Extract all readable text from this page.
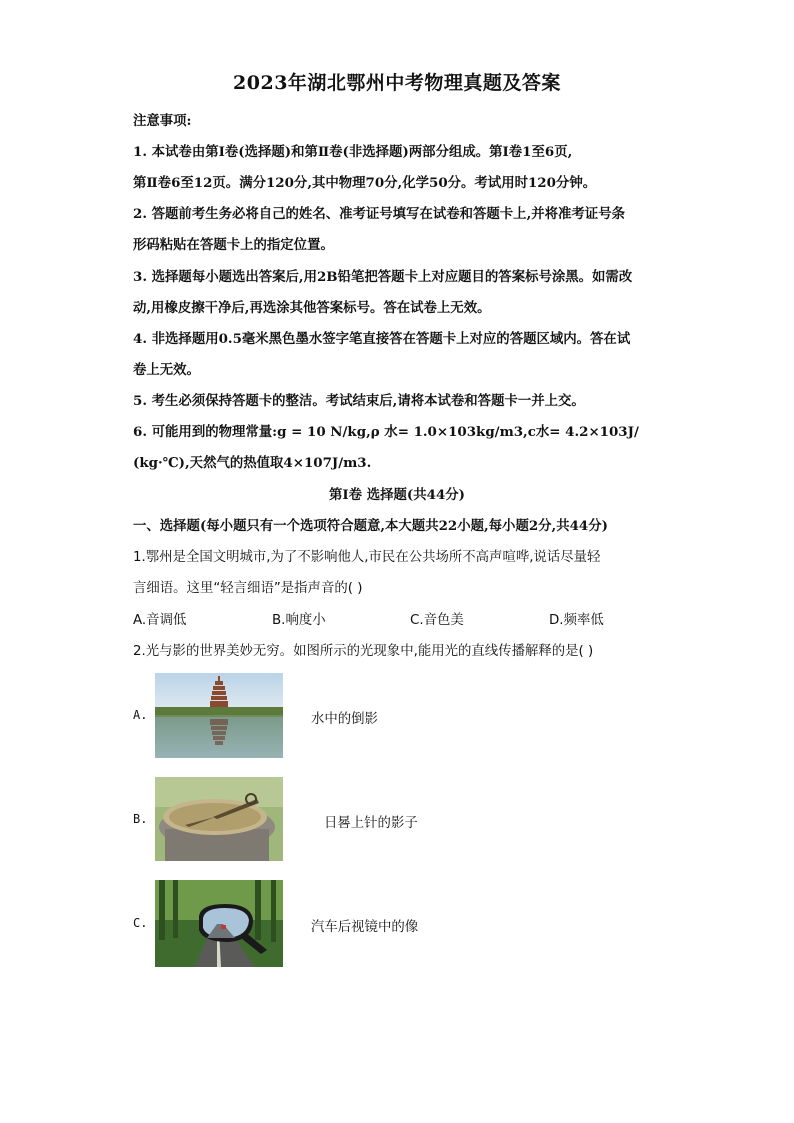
2023年湖北鄂州中考物理真题及答案
注意事项:
1. 本试卷由第Ⅰ卷(选择题)和第Ⅱ卷(非选择题)两部分组成。第Ⅰ卷1至6页,
第Ⅱ卷6至12页。满分120分,其中物理70分,化学50分。考试用时120分钟。
2. 答题前考生务必将自己的姓名、准考证号填写在试卷和答题卡上,并将准考证号条
形码粘贴在答题卡上的指定位置。
3. 选择题每小题选出答案后,用2B铅笔把答题卡上对应题目的答案标号涂黑。如需改
动,用橡皮擦干净后,再选涂其他答案标号。答在试卷上无效。
4. 非选择题用0.5毫米黑色墨水签字笔直接答在答题卡上对应的答题区域内。答在试
卷上无效。
5. 考生必须保持答题卡的整洁。考试结束后,请将本试卷和答题卡一并上交。
6. 可能用到的物理常量:g = 10 N/kg,ρ 水= 1.0×103kg/m3,c水= 4.2×103J/
(kg·℃),天然气的热值取4×107J/m3.
第Ⅰ卷 选择题(共44分)
一、选择题(每小题只有一个选项符合题意,本大题共22小题,每小题2分,共44分)
1.鄂州是全国文明城市,为了不影响他人,市民在公共场所不高声喧哗,说话尽量轻
言细语。这里“轻言细语”是指声音的( )
A.音调低	B.响度小	C.音色美	D.频率低
2.光与影的世界美妙无穷。如图所示的光现象中,能用光的直线传播解释的是( )
A.	水中的倒影
B.	日晷上针的影子
C.	汽车后视镜中的像
